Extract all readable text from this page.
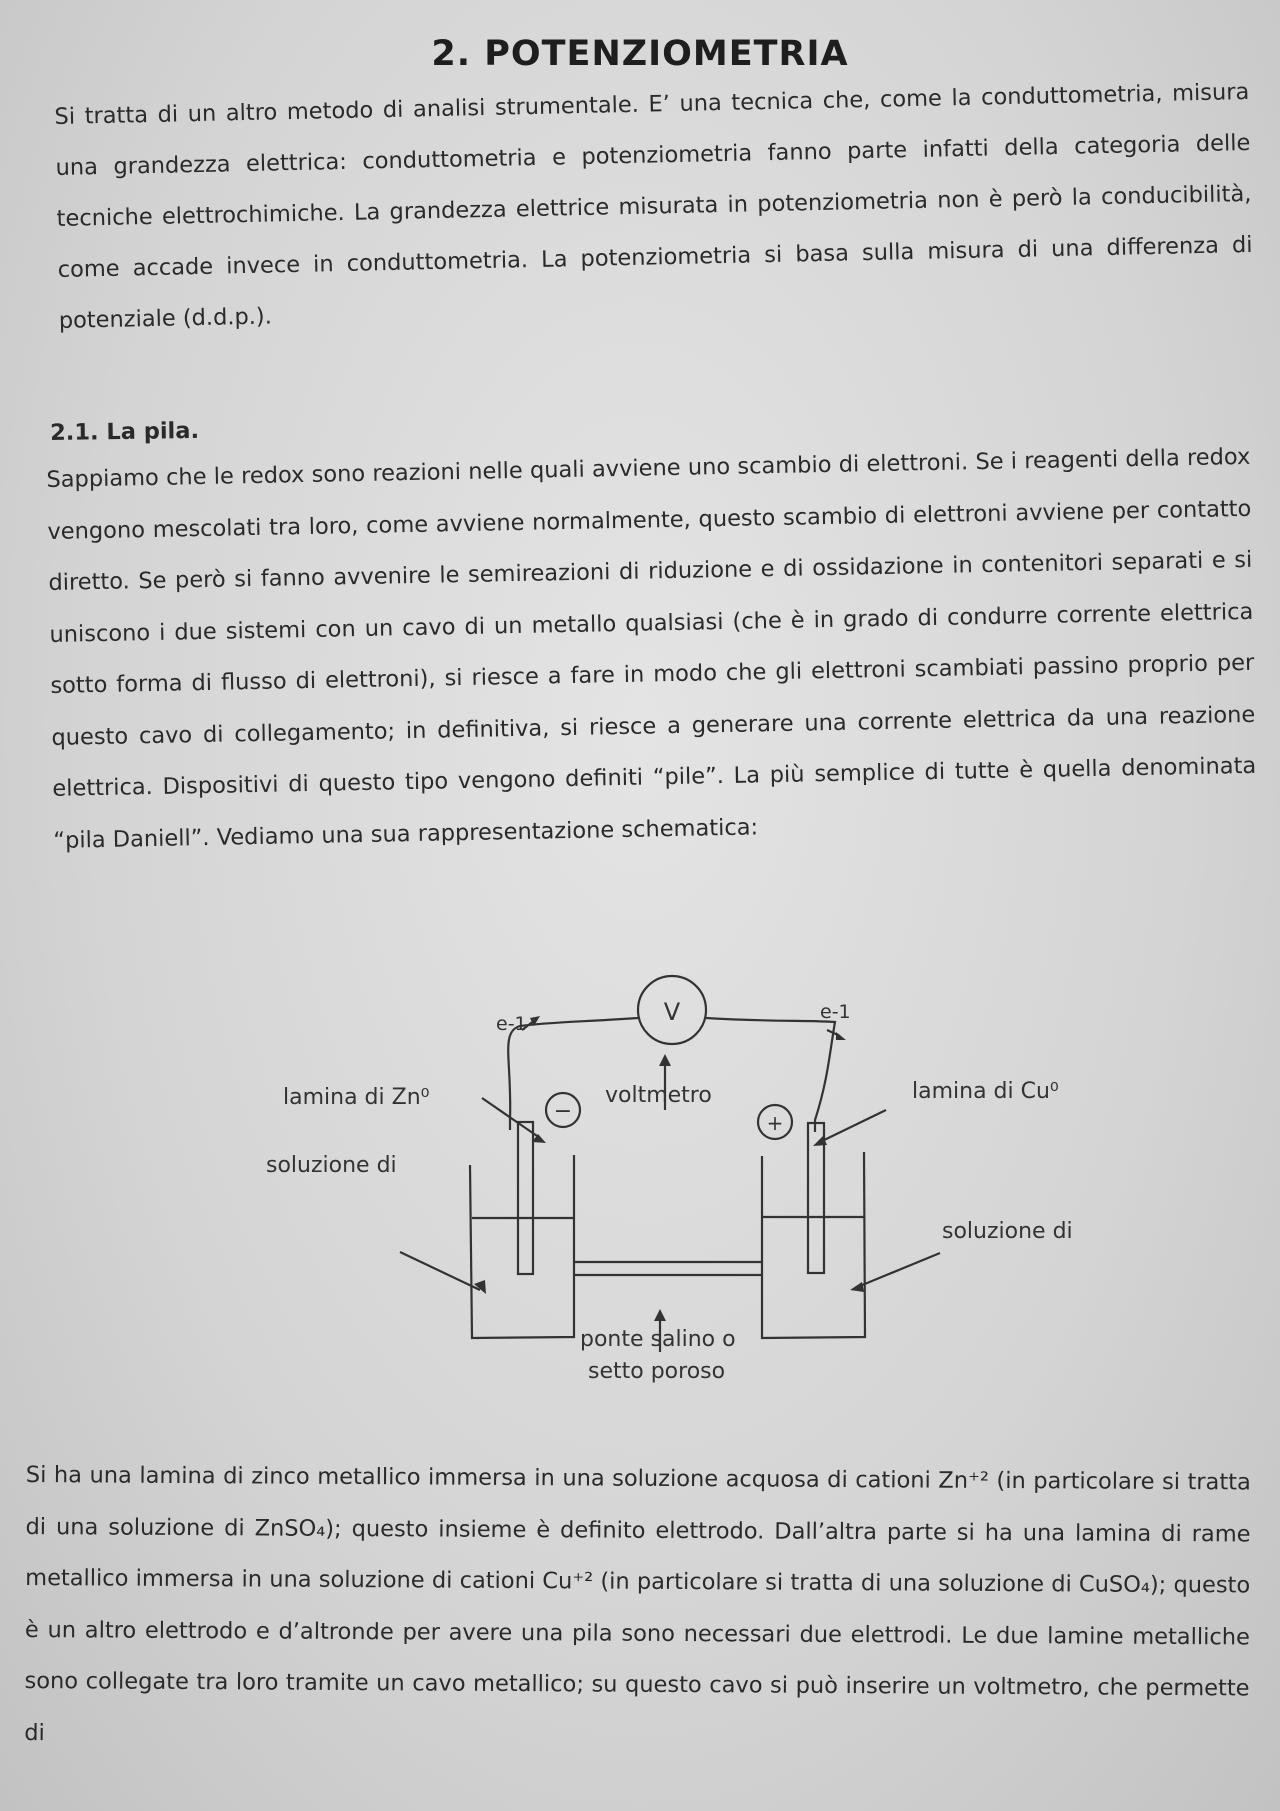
2. POTENZIOMETRIA

Si tratta di un altro metodo di analisi strumentale. E’ una tecnica che, come la conduttometria, misura una grandezza elettrica: conduttometria e potenziometria fanno parte infatti della categoria delle tecniche elettrochimiche. La grandezza elettrice misurata in potenziometria non è però la conducibilità, come accade invece in conduttometria. La potenziometria si basa sulla misura di una differenza di potenziale (d.d.p.).

2.1. La pila.

Sappiamo che le redox sono reazioni nelle quali avviene uno scambio di elettroni. Se i reagenti della redox vengono mescolati tra loro, come avviene normalmente, questo scambio di elettroni avviene per contatto diretto. Se però si fanno avvenire le semireazioni di riduzione e di ossidazione in contenitori separati e si uniscono i due sistemi con un cavo di un metallo qualsiasi (che è in grado di condurre corrente elettrica sotto forma di flusso di elettroni), si riesce a fare in modo che gli elettroni scambiati passino proprio per questo cavo di collegamento; in definitiva, si riesce a generare una corrente elettrica da una reazione elettrica. Dispositivi di questo tipo vengono definiti “pile”. La più semplice di tutte è quella denominata “pila Daniell”. Vediamo una sua rappresentazione schematica:

V
e-1
e-1
−	+
lamina di Zn⁰	voltmetro	lamina di Cu⁰
soluzione di
soluzione di
ponte salino o
setto poroso

Si ha una lamina di zinco metallico immersa in una soluzione acquosa di cationi Zn⁺² (in particolare si tratta di una soluzione di ZnSO₄); questo insieme è definito elettrodo. Dall’altra parte si ha una lamina di rame metallico immersa in una soluzione di cationi Cu⁺² (in particolare si tratta di una soluzione di CuSO₄); questo è un altro elettrodo e d’altronde per avere una pila sono necessari due elettrodi. Le due lamine metalliche sono collegate tra loro tramite un cavo metallico; su questo cavo si può inserire un voltmetro, che permette di
